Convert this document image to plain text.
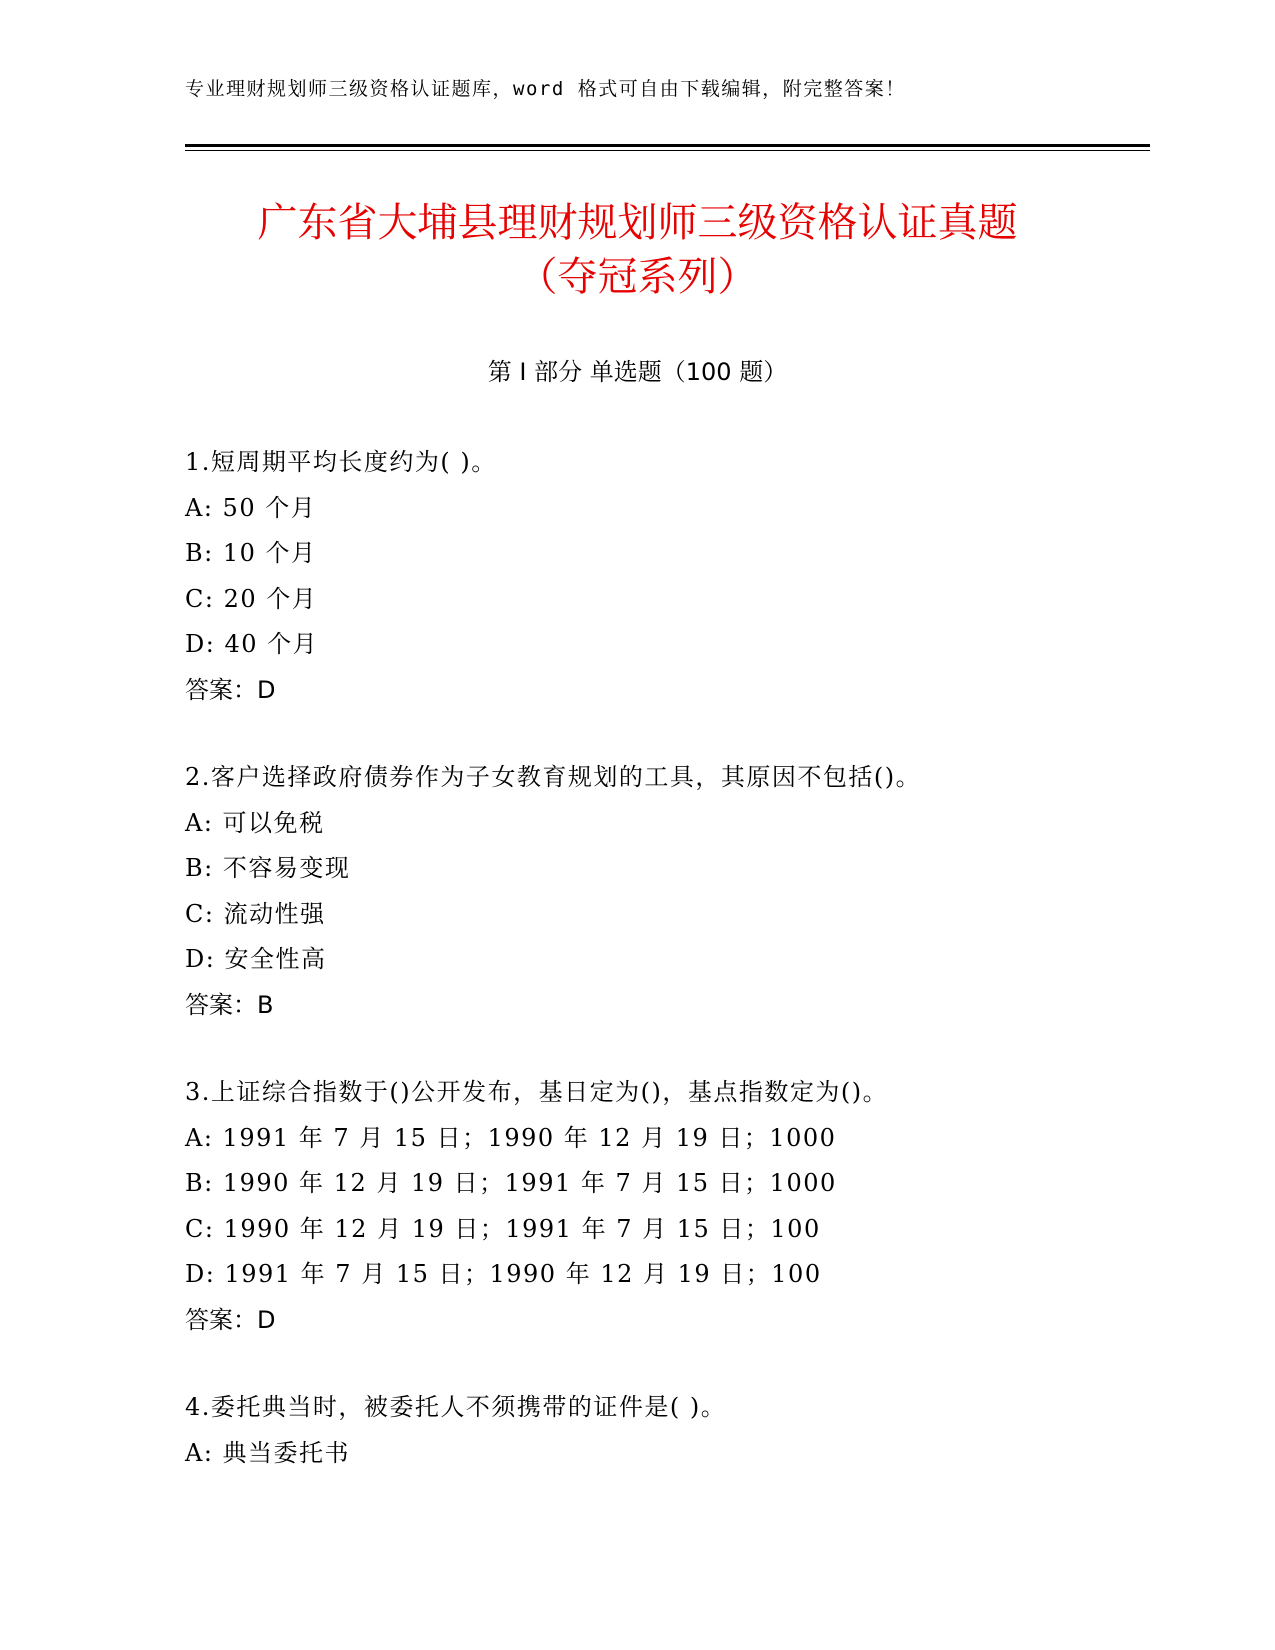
专业理财规划师三级资格认证题库，word 格式可自由下载编辑，附完整答案！
广东省大埔县理财规划师三级资格认证真题
（夺冠系列）
第 I 部分 单选题（100 题）
1.短周期平均长度约为( )。
A: 50 个月
B: 10 个月
C: 20 个月
D: 40 个月
答案：D
2.客户选择政府债券作为子女教育规划的工具，其原因不包括()。
A: 可以免税
B: 不容易变现
C: 流动性强
D: 安全性高
答案：B
3.上证综合指数于()公开发布，基日定为()，基点指数定为()。
A: 1991 年 7 月 15 日；1990 年 12 月 19 日；1000
B: 1990 年 12 月 19 日；1991 年 7 月 15 日；1000
C: 1990 年 12 月 19 日；1991 年 7 月 15 日；100
D: 1991 年 7 月 15 日；1990 年 12 月 19 日；100
答案：D
4.委托典当时，被委托人不须携带的证件是( )。
A: 典当委托书
